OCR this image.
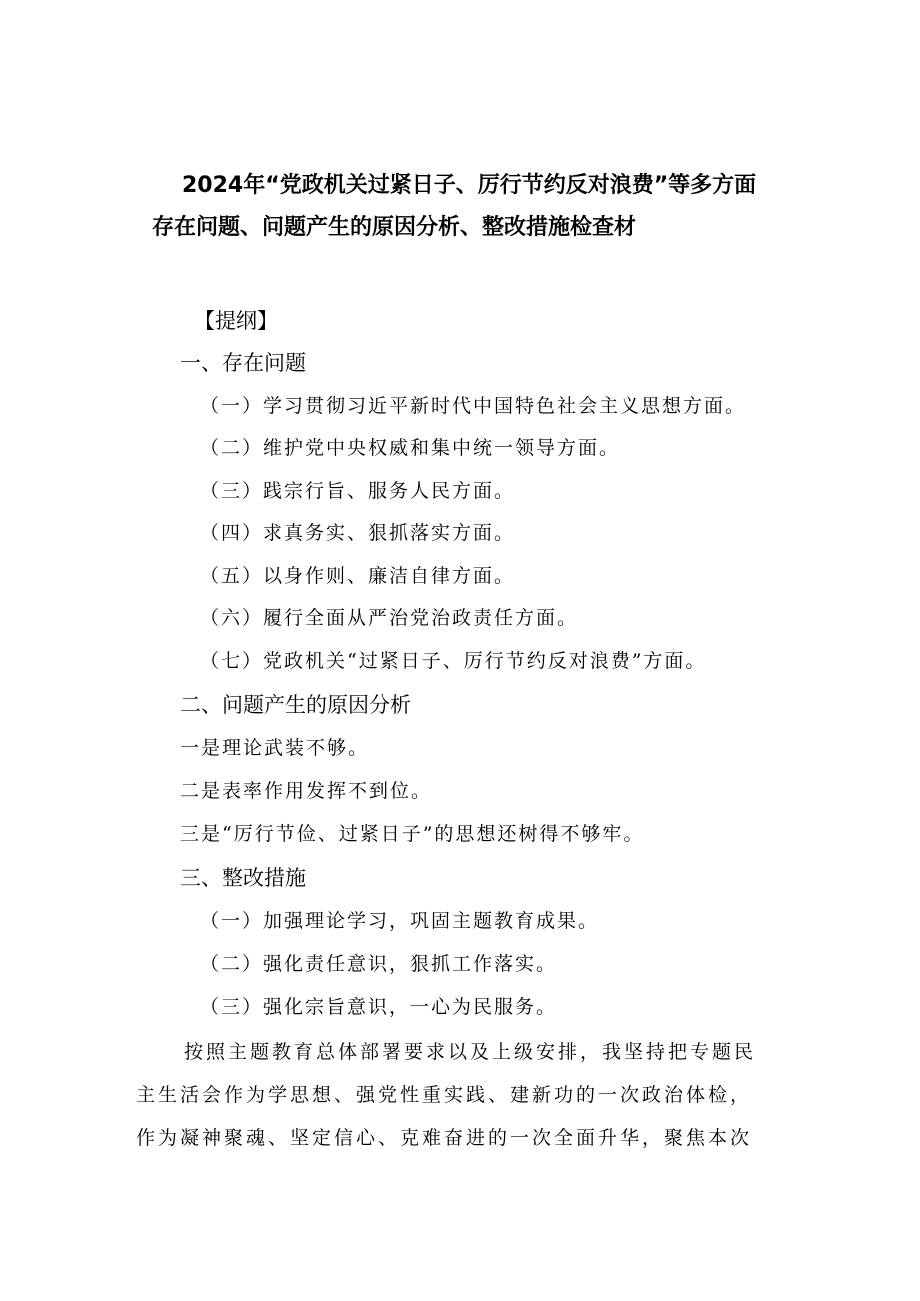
2024年“党政机关过紧日子、厉行节约反对浪费”等多方面
存在问题、问题产生的原因分析、整改措施检查材
【提纲】
一、存在问题
（一）学习贯彻习近平新时代中国特色社会主义思想方面。
（二）维护党中央权威和集中统一领导方面。
（三）践宗行旨、服务人民方面。
（四）求真务实、狠抓落实方面。
（五）以身作则、廉洁自律方面。
（六）履行全面从严治党治政责任方面。
（七）党政机关“过紧日子、厉行节约反对浪费”方面。
二、问题产生的原因分析
一是理论武装不够。
二是表率作用发挥不到位。
三是“厉行节俭、过紧日子”的思想还树得不够牢。
三、整改措施
（一）加强理论学习，巩固主题教育成果。
（二）强化责任意识，狠抓工作落实。
（三）强化宗旨意识，一心为民服务。
按照主题教育总体部署要求以及上级安排，我坚持把专题民
主生活会作为学思想、强党性重实践、建新功的一次政治体检，
作为凝神聚魂、坚定信心、克难奋进的一次全面升华，聚焦本次
